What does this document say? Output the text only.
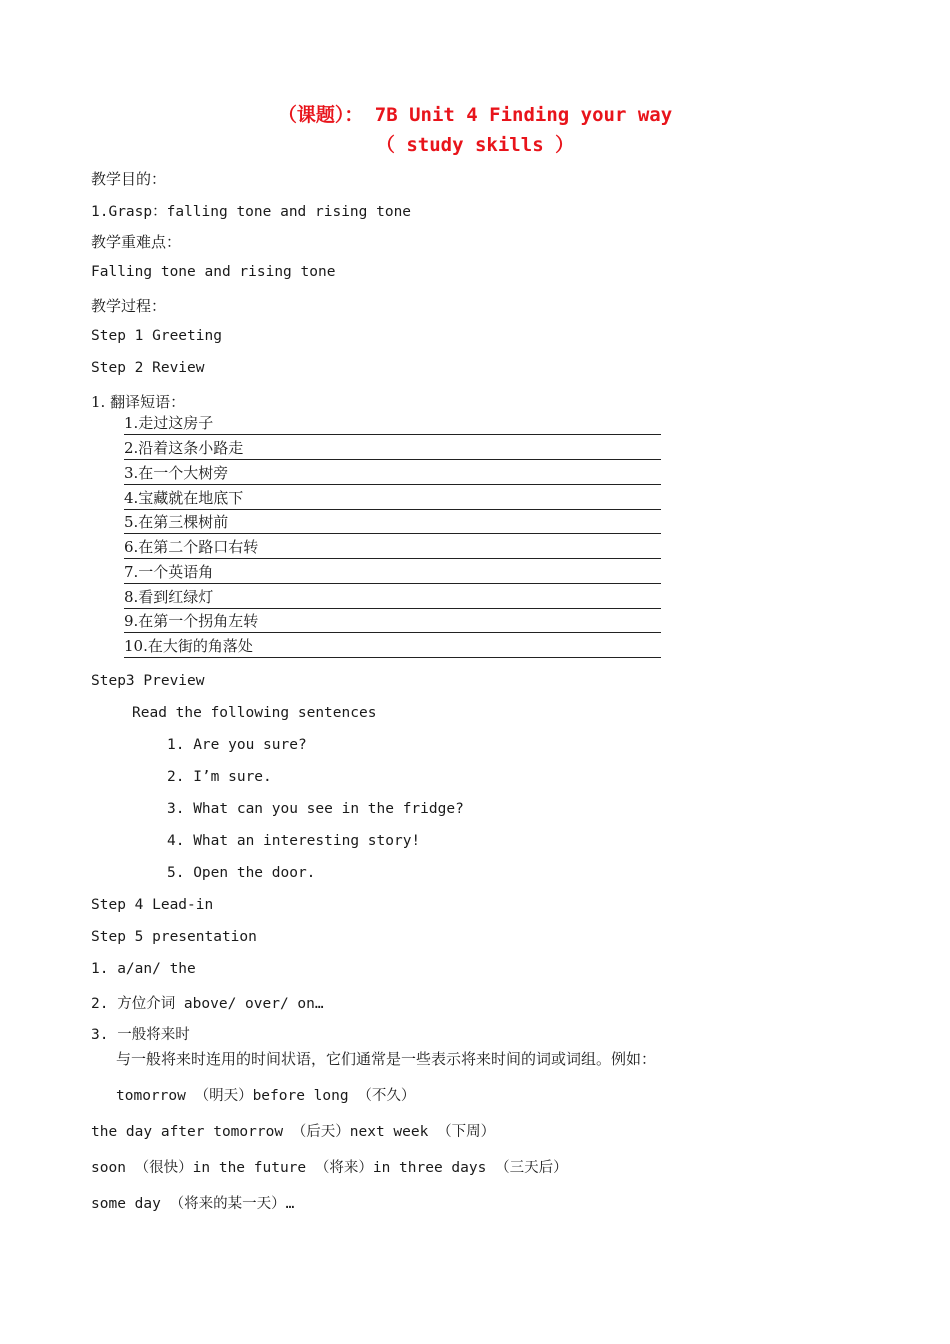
（课题）： 7B Unit 4 Finding your way
（ study skills ）
教学目的：
1.Grasp：falling tone and rising tone
教学重难点：
Falling tone and rising tone
教学过程：
Step 1 Greeting
Step 2 Review
1. 翻译短语：
1.走过这房子
2.沿着这条小路走
3.在一个大树旁
4.宝藏就在地底下
5.在第三棵树前
6.在第二个路口右转
7.一个英语角
8.看到红绿灯
9.在第一个拐角左转
10.在大街的角落处
Step3 Preview
Read the following sentences
1. Are you sure?
2. I’m sure.
3. What can you see in the fridge?
4. What an interesting story!
5. Open the door.
Step 4 Lead-in
Step 5 presentation
1. a/an/ the
2. 方位介词 above/ over/ on…
3. 一般将来时
与一般将来时连用的时间状语，它们通常是一些表示将来时间的词或词组。例如：
tomorrow （明天）before long （不久）
the day after tomorrow （后天）next week （下周）
soon （很快）in the future （将来）in three days （三天后）
some day （将来的某一天）…
